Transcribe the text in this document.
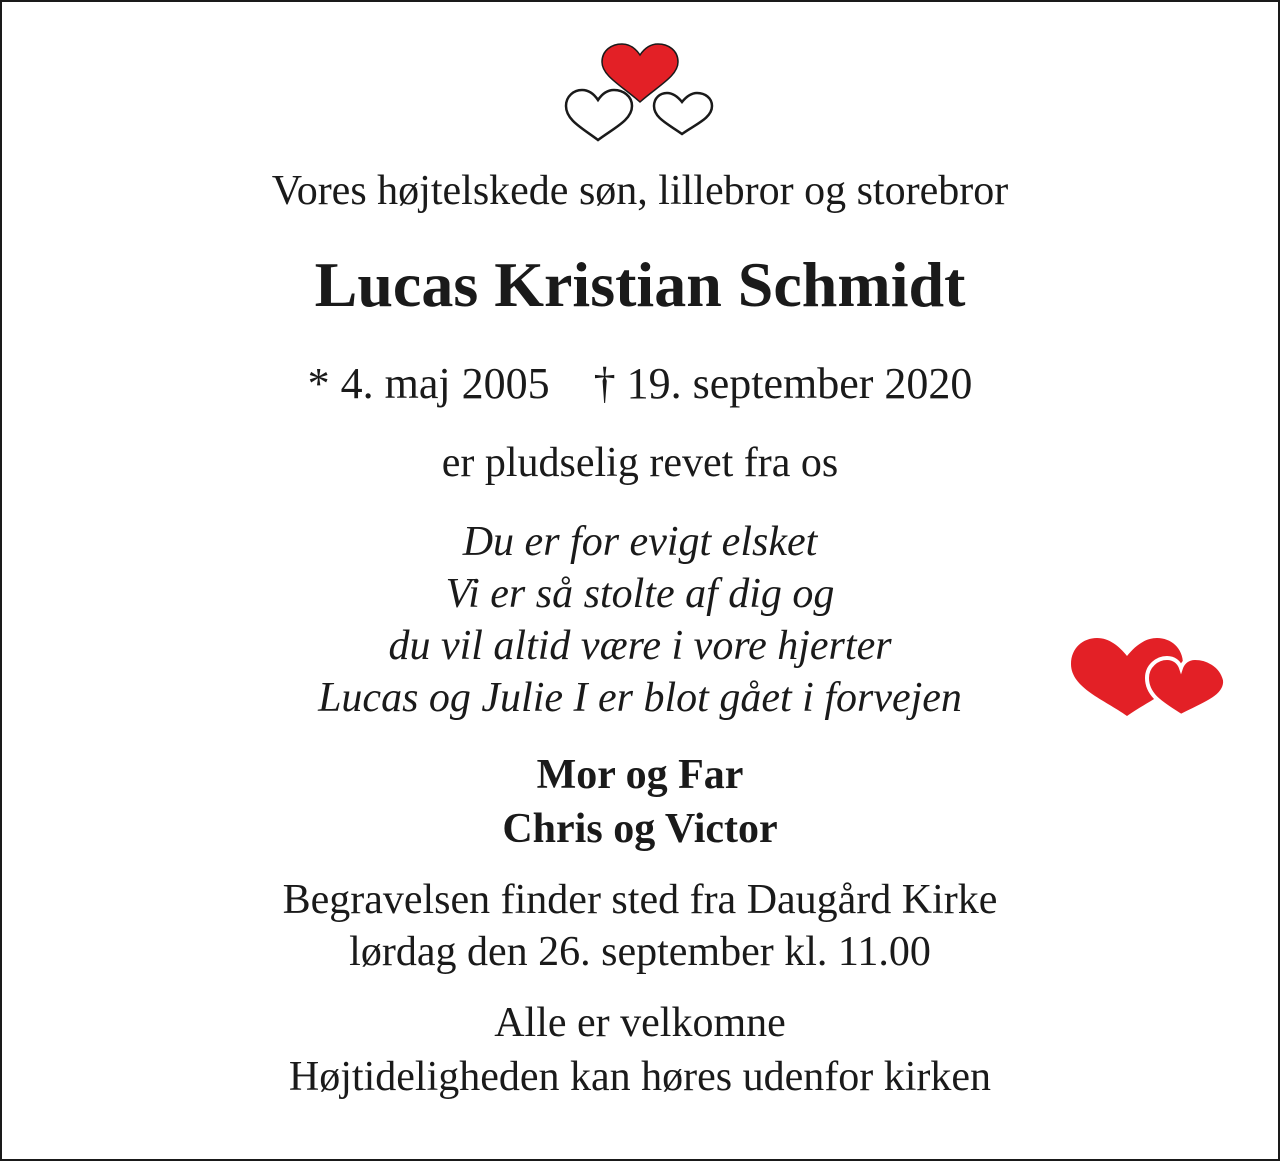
Vores højtelskede søn, lillebror og storebror
Lucas Kristian Schmidt
* 4. maj 2005 † 19. september 2020
er pludselig revet fra os
Du er for evigt elsket
Vi er så stolte af dig og
du vil altid være i vore hjerter
Lucas og Julie I er blot gået i forvejen
Mor og Far
Chris og Victor
Begravelsen finder sted fra Daugård Kirke
lørdag den 26. september kl. 11.00
Alle er velkomne
Højtideligheden kan høres udenfor kirken
